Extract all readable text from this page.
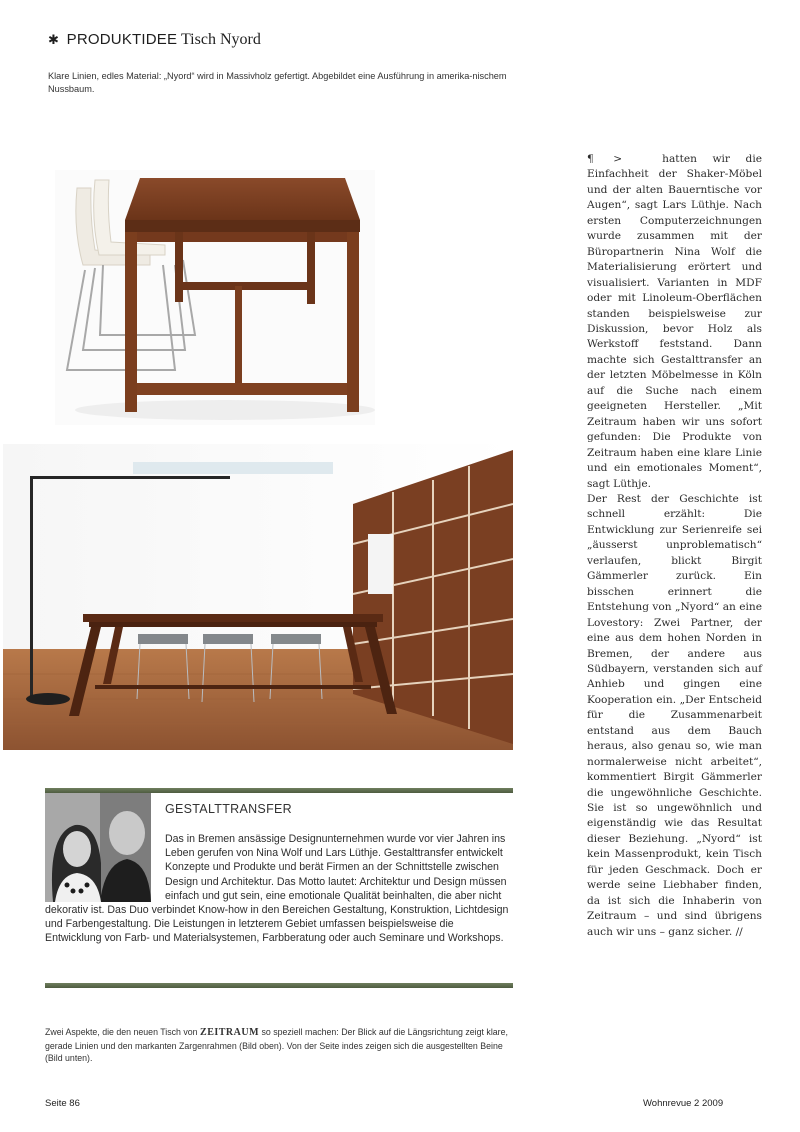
✱ PRODUKTIDEE Tisch Nyord
Klare Linien, edles Material: „Nyord“ wird in Massivholz gefertigt. Abgebildet eine Ausführung in amerika-nischem Nussbaum.

¶ >	hatten wir die Einfachheit der Shaker-Möbel und der alten Bauerntische vor Augen“, sagt Lars Lüthje. Nach ersten Computerzeichnungen wurde zusammen mit der Büropartnerin Nina Wolf die Materialisierung erörtert und visualisiert. Varianten in MDF oder mit Linoleum-Oberflächen standen beispielsweise zur Diskussion, bevor Holz als Werkstoff feststand. Dann machte sich Gestalttransfer an der letzten Möbelmesse in Köln auf die Suche nach einem geeigneten Hersteller. „Mit Zeitraum haben wir uns sofort gefunden: Die Produkte von Zeitraum haben eine klare Linie und ein emotionales Moment“, sagt Lüthje.

Der Rest der Geschichte ist schnell erzählt: Die Entwicklung zur Serienreife sei „äusserst unproblematisch“ verlaufen, blickt Birgit Gämmerler zurück. Ein bisschen erinnert die Entstehung von „Nyord“ an eine Lovestory: Zwei Partner, der eine aus dem hohen Norden in Bremen, der andere aus Südbayern, verstanden sich auf Anhieb und gingen eine Kooperation ein. „Der Entscheid für die Zusammenarbeit entstand aus dem Bauch heraus, also genau so, wie man normalerweise nicht arbeitet“, kommentiert Birgit Gämmerler die ungewöhnliche Geschichte. Sie ist so ungewöhnlich und eigenständig wie das Resultat dieser Beziehung. „Nyord“ ist kein Massenprodukt, kein Tisch für jeden Geschmack. Doch er werde seine Liebhaber finden, da ist sich die Inhaberin von Zeitraum – und sind übrigens auch wir uns – ganz sicher. //

GESTALTTRANSFER
Das in Bremen ansässige Designunternehmen wurde vor vier Jahren ins Leben gerufen von Nina Wolf und Lars Lüthje. Gestalttransfer entwickelt Konzepte und Produkte und berät Firmen an der Schnittstelle zwischen Design und Architektur. Das Motto lautet: Architektur und Design müssen einfach und gut sein, eine emotionale Qualität beinhalten, die aber nicht dekorativ ist. Das Duo verbindet Know-how in den Bereichen Gestaltung, Konstruktion, Lichtdesign und Farbengestaltung. Die Leistungen in letzterem Gebiet umfassen beispielsweise die Entwicklung von Farb- und Materialsystemen, Farbberatung oder auch Seminare und Workshops.
Zwei Aspekte, die den neuen Tisch von ZEITRAUM so speziell machen: Der Blick auf die Längsrichtung zeigt klare, gerade Linien und den markanten Zargenrahmen (Bild oben). Von der Seite indes zeigen sich die ausgestellten Beine (Bild unten).
Seite 86	Wohnrevue 2 2009
